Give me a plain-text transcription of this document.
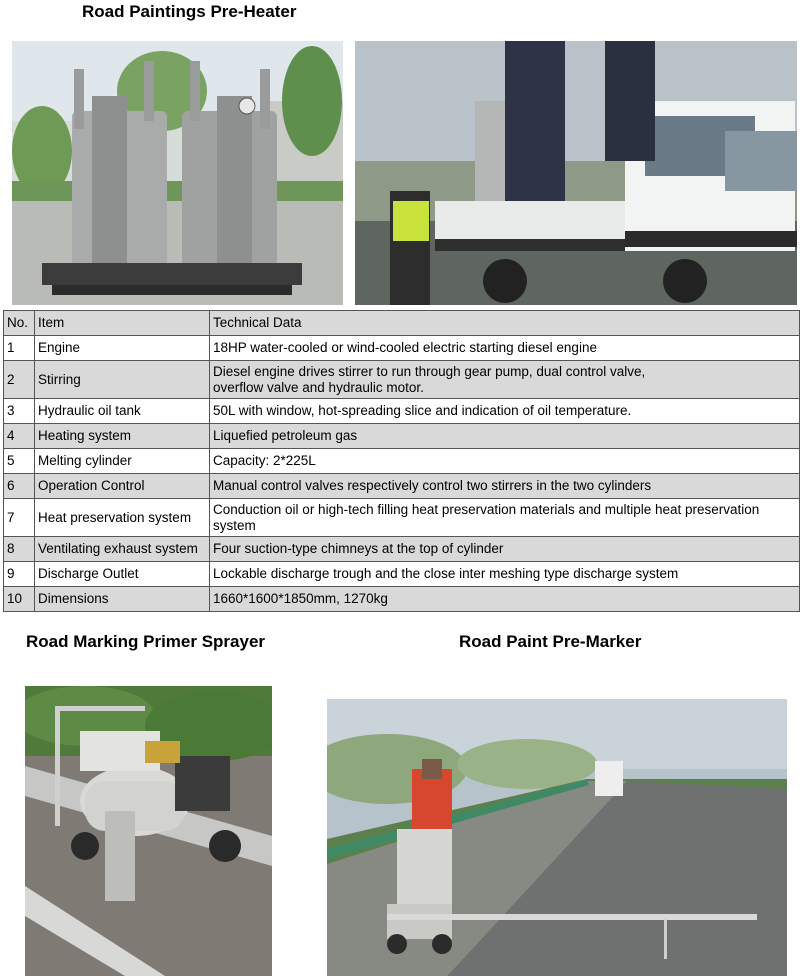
Road Paintings Pre-Heater
No.	Item	Technical Data
1	Engine	18HP water-cooled or wind-cooled electric starting diesel engine
2	Stirring	Diesel engine drives stirrer to run through gear pump, dual control valve,
overflow valve and hydraulic motor.
3	Hydraulic oil tank	50L with window, hot-spreading slice and indication of oil temperature.
4	Heating system	Liquefied petroleum gas
5	Melting cylinder	Capacity: 2*225L
6	Operation Control	Manual control valves respectively control two stirrers in the two cylinders
7	Heat preservation system	Conduction oil or high-tech filling heat preservation materials and multiple heat preservation
system
8	Ventilating exhaust system	Four suction-type chimneys at the top of cylinder
9	Discharge Outlet	Lockable discharge trough and the close inter meshing type discharge system
10	Dimensions	1660*1600*1850mm, 1270kg
Road Marking Primer Sprayer	Road Paint Pre-Marker
